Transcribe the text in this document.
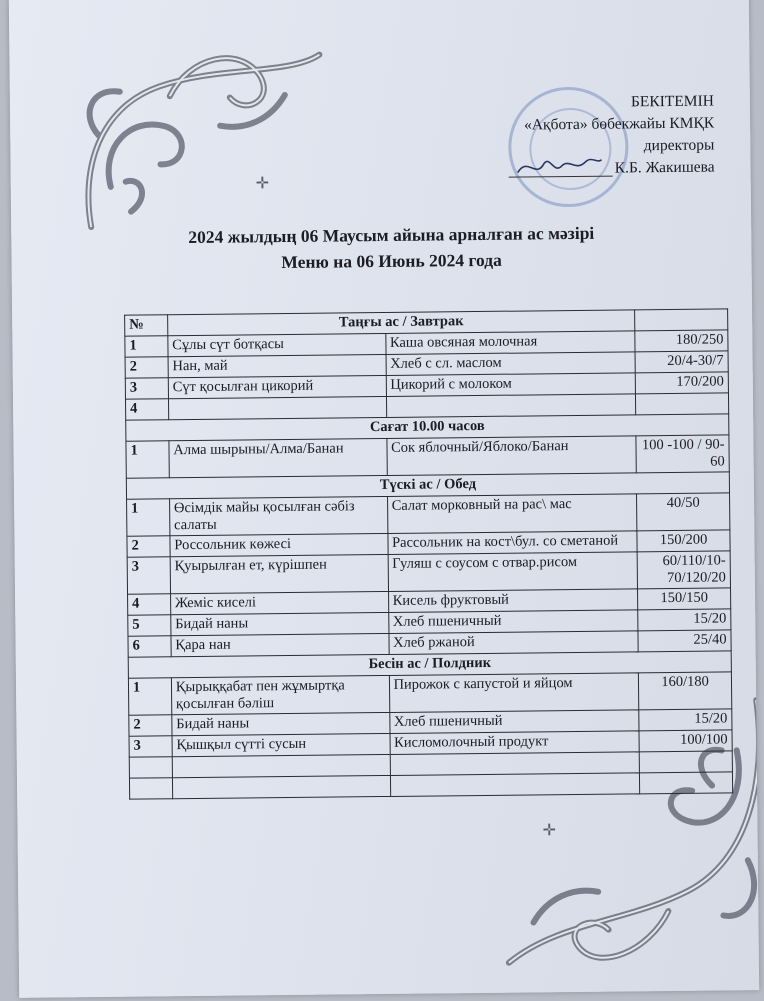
✛
✛
БЕКІТЕМІН
«Ақбота» бөбекжайы КМҚК
директоры
К.Б. Жакишева
2024 жылдың 06 Маусым айына арналған ас мәзірі
Меню на 06 Июнь 2024 года
№	Таңғы ас / Завтрак		
1	Сұлы сүт ботқасы	Каша овсяная молочная	180/250
2	Нан, май	Хлеб с сл. маслом	20/4-30/7
3	Сүт қосылған цикорий	Цикорий с молоком	170/200
4			
Сағат 10.00 часов			
1	Алма шырыны/Алма/Банан	Сок яблочный/Яблоко/Банан	100 -100 / 90-60
Түскі ас / Обед			
1	Өсімдік майы қосылған сәбіз салаты	Салат морковный на рас\ мас	40/50
2	Россольник көжесі	Рассольник на кост\бул. со сметаной	150/200
3	Қуырылған ет, күрішпен	Гуляш с соусом с отвар.рисом	60/110/10-70/120/20
4	Жеміс киселі	Кисель фруктовый	150/150
5	Бидай наны	Хлеб пшеничный	15/20
6	Қара нан	Хлеб ржаной	25/40
Бесін ас / Полдник			
1	Қырыққабат пен жұмыртқа қосылған бәліш	Пирожок с капустой и яйцом	160/180
2	Бидай наны	Хлеб пшеничный	15/20
3	Қышқыл сүтті сусын	Кисломолочный продукт	100/100
